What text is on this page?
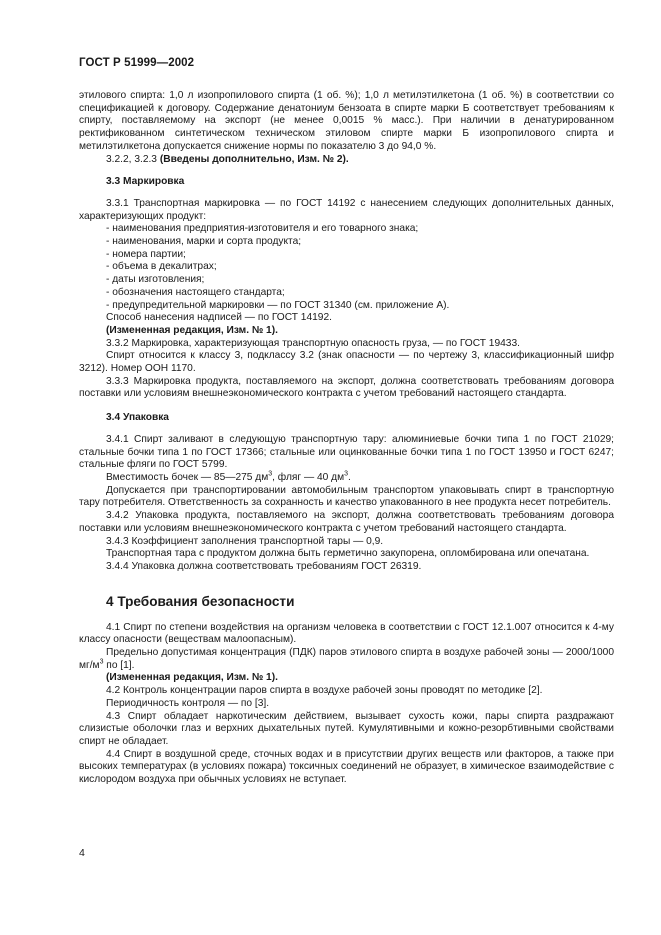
ГОСТ Р 51999—2002

этилового спирта: 1,0 л изопропилового спирта (1 об. %); 1,0 л метилэтилкетона (1 об. %) в соответствии со спецификацией к договору. Содержание денатониум бензоата в спирте марки Б соответствует требованиям к спирту, поставляемому на экспорт (не менее 0,0015 % масс.). При наличии в денатурированном ректификованном синтетическом техническом этиловом спирте марки Б изопропилового спирта и метилэтилкетона допускается снижение нормы по показателю 3 до 94,0 %.

3.2.2, 3.2.3 (Введены дополнительно, Изм. № 2).

3.3 Маркировка

3.3.1 Транспортная маркировка — по ГОСТ 14192 с нанесением следующих дополнительных данных, характеризующих продукт:

- наименования предприятия-изготовителя и его товарного знака;
- наименования, марки и сорта продукта;
- номера партии;
- объема в декалитрах;
- даты изготовления;
- обозначения настоящего стандарта;
- предупредительной маркировки — по ГОСТ 31340 (см. приложение А).

Способ нанесения надписей — по ГОСТ 14192.

(Измененная редакция, Изм. № 1).

3.3.2 Маркировка, характеризующая транспортную опасность груза, — по ГОСТ 19433.

Спирт относится к классу 3, подклассу 3.2 (знак опасности — по чертежу 3, классификационный шифр 3212). Номер ООН 1170.

3.3.3 Маркировка продукта, поставляемого на экспорт, должна соответствовать требованиям договора поставки или условиям внешнеэкономического контракта с учетом требований настоящего стандарта.

3.4 Упаковка

3.4.1 Спирт заливают в следующую транспортную тару: алюминиевые бочки типа 1 по ГОСТ 21029; стальные бочки типа 1 по ГОСТ 17366; стальные или оцинкованные бочки типа 1 по ГОСТ 13950 и ГОСТ 6247; стальные фляги по ГОСТ 5799.

Вместимость бочек — 85—275 $дм^3$, фляг — 40 $дм^3$.

Допускается при транспортировании автомобильным транспортом упаковывать спирт в транспортную тару потребителя. Ответственность за сохранность и качество упакованного в нее продукта несет потребитель.

3.4.2 Упаковка продукта, поставляемого на экспорт, должна соответствовать требованиям договора поставки или условиям внешнеэкономического контракта с учетом требований настоящего стандарта.

3.4.3 Коэффициент заполнения транспортной тары — 0,9.

Транспортная тара с продуктом должна быть герметично закупорена, опломбирована или опечатана.

3.4.4 Упаковка должна соответствовать требованиям ГОСТ 26319.

4 Требования безопасности

4.1 Спирт по степени воздействия на организм человека в соответствии с ГОСТ 12.1.007 относится к 4-му классу опасности (веществам малоопасным).

Предельно допустимая концентрация (ПДК) паров этилового спирта в воздухе рабочей зоны — 2000/1000 $мг/м^3$ по [1].

(Измененная редакция, Изм. № 1).

4.2 Контроль концентрации паров спирта в воздухе рабочей зоны проводят по методике [2].

Периодичность контроля — по [3].

4.3 Спирт обладает наркотическим действием, вызывает сухость кожи, пары спирта раздражают слизистые оболочки глаз и верхних дыхательных путей. Кумулятивными и кожно-резорбтивными свойствами спирт не обладает.

4.4 Спирт в воздушной среде, сточных водах и в присутствии других веществ или факторов, а также при высоких температурах (в условиях пожара) токсичных соединений не образует, в химическое взаимодействие с кислородом воздуха при обычных условиях не вступает.

4
